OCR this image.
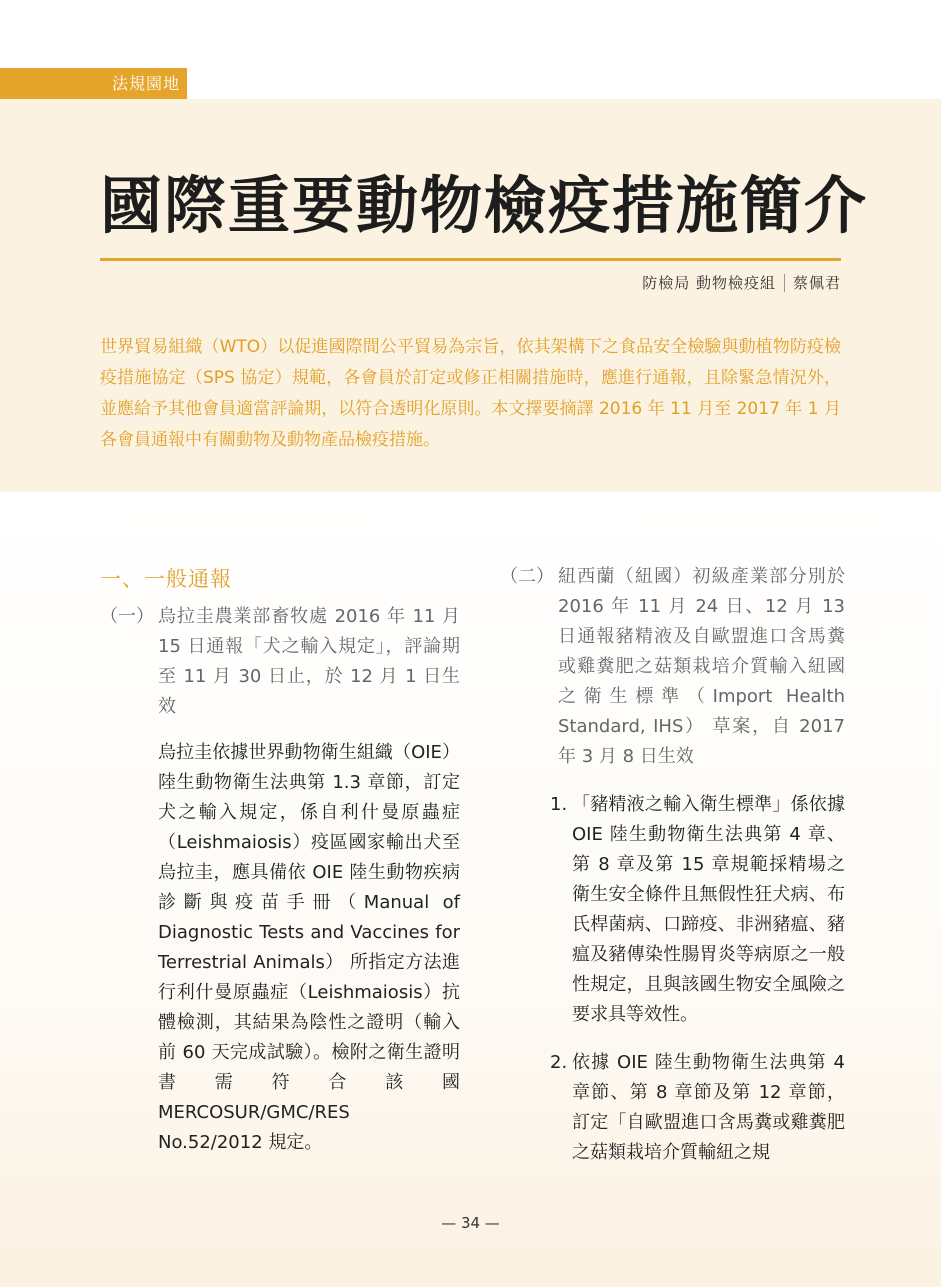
法規園地
國際重要動物檢疫措施簡介
防檢局 動物檢疫組 蔡佩君
世界貿易組織（WTO）以促進國際間公平貿易為宗旨，依其架構下之食品安全檢驗與動植物防疫檢疫措施協定（SPS 協定）規範，各會員於訂定或修正相關措施時，應進行通報，且除緊急情況外，並應給予其他會員適當評論期，以符合透明化原則。本文擇要摘譯 2016 年 11 月至 2017 年 1 月各會員通報中有關動物及動物產品檢疫措施。
一、一般通報
（一） 烏拉圭農業部畜牧處 2016 年 11 月 15 日通報「犬之輸入規定」，評論期至 11 月 30 日止，於 12 月 1 日生效

烏拉圭依據世界動物衛生組織（OIE）陸生動物衛生法典第 1.3 章節，訂定犬之輸入規定，係自利什曼原蟲症（Leishmaiosis）疫區國家輸出犬至烏拉圭，應具備依 OIE 陸生動物疾病診斷與疫苗手冊（Manual of Diagnostic Tests and Vaccines for Terrestrial Animals） 所指定方法進行利什曼原蟲症（Leishmaiosis）抗體檢測，其結果為陰性之證明（輸入前 60 天完成試驗）。檢附之衛生證明書需符合該國 MERCOSUR/GMC/RES No.52/2012 規定。

（二） 紐西蘭（紐國）初級產業部分別於 2016 年 11 月 24 日、12 月 13 日通報豬精液及自歐盟進口含馬糞或雞糞肥之菇類栽培介質輸入紐國之衛生標準（Import Health Standard, IHS） 草案，自 2017 年 3 月 8 日生效
1. 「豬精液之輸入衛生標準」係依據 OIE 陸生動物衛生法典第 4 章、第 8 章及第 15 章規範採精場之衛生安全條件且無假性狂犬病、布氏桿菌病、口蹄疫、非洲豬瘟、豬瘟及豬傳染性腸胃炎等病原之一般性規定，且與該國生物安全風險之要求具等效性。
2. 依據 OIE 陸生動物衛生法典第 4 章節、第 8 章節及第 12 章節，訂定「自歐盟進口含馬糞或雞糞肥之菇類栽培介質輸紐之規
— 34 —
